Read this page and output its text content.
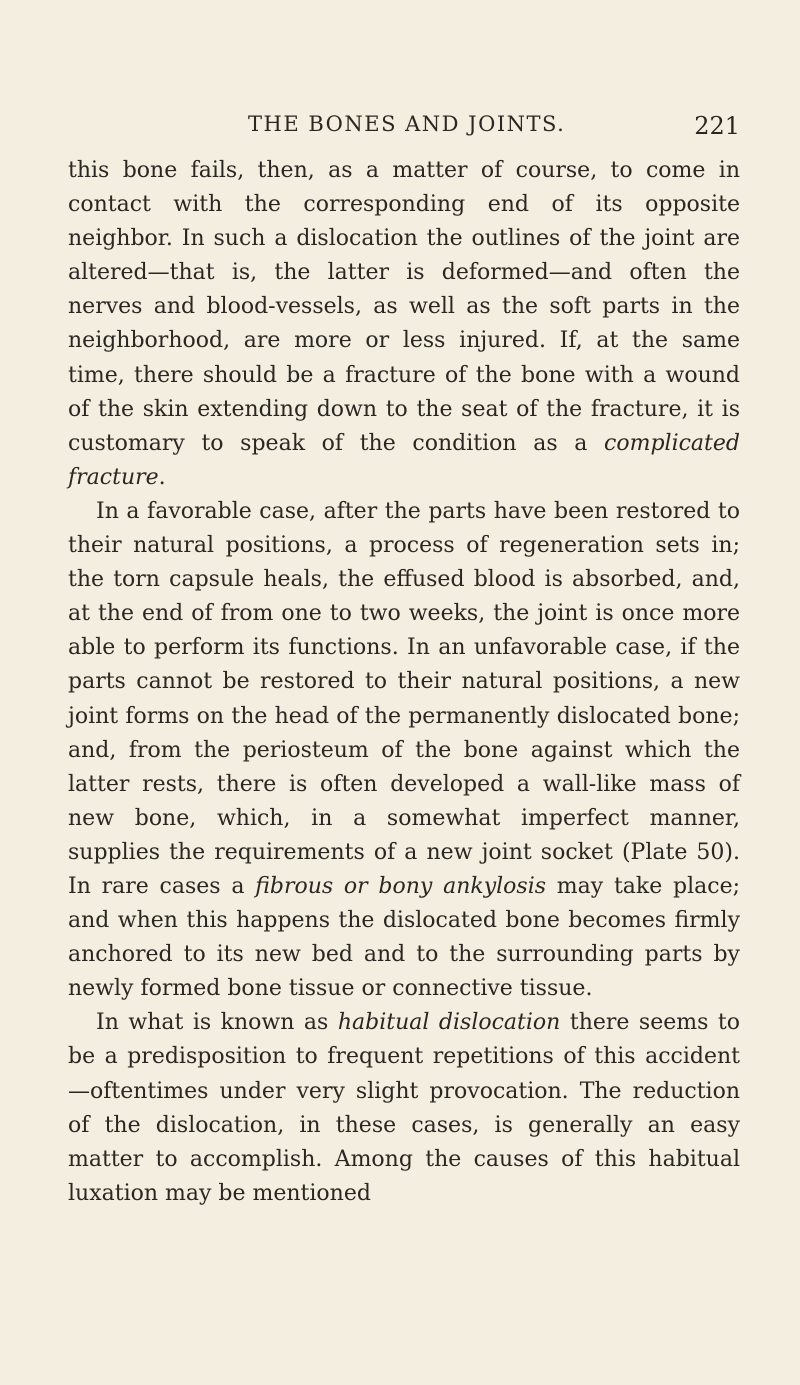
THE BONES AND JOINTS.	221

this bone fails, then, as a matter of course, to come in contact with the corresponding end of its opposite neighbor. In such a dislocation the outlines of the joint are altered—that is, the latter is deformed—and often the nerves and blood-vessels, as well as the soft parts in the neighborhood, are more or less injured. If, at the same time, there should be a fracture of the bone with a wound of the skin extending down to the seat of the fracture, it is customary to speak of the condition as a complicated fracture.

In a favorable case, after the parts have been restored to their natural positions, a process of regeneration sets in; the torn capsule heals, the effused blood is absorbed, and, at the end of from one to two weeks, the joint is once more able to perform its functions. In an unfavorable case, if the parts cannot be restored to their natural positions, a new joint forms on the head of the permanently dislocated bone; and, from the periosteum of the bone against which the latter rests, there is often developed a wall-like mass of new bone, which, in a somewhat imperfect manner, supplies the requirements of a new joint socket (Plate 50). In rare cases a fibrous or bony ankylosis may take place; and when this happens the dislocated bone becomes firmly anchored to its new bed and to the surrounding parts by newly formed bone tissue or connective tissue.

In what is known as habitual dislocation there seems to be a predisposition to frequent repetitions of this accident—oftentimes under very slight provocation. The reduction of the dislocation, in these cases, is generally an easy matter to accomplish. Among the causes of this habitual luxation may be mentioned
